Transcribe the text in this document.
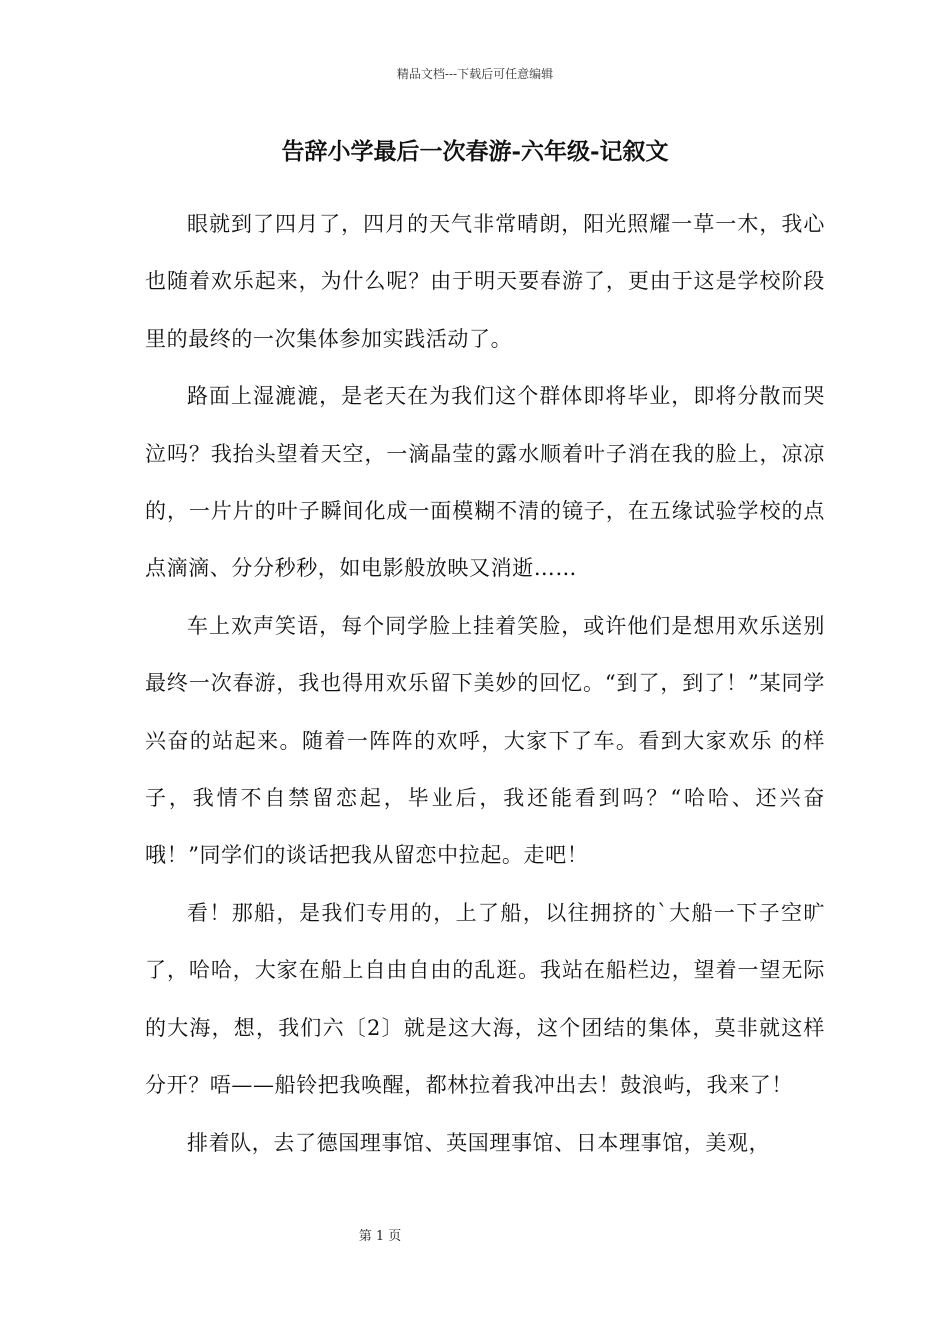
精品文档---下载后可任意编辑
告辞小学最后一次春游-六年级-记叙文

眼就到了四月了，四月的天气非常晴朗，阳光照耀一草一木，我心也随着欢乐起来，为什么呢？由于明天要春游了，更由于这是学校阶段里的最终的一次集体参加实践活动了。

路面上湿漉漉，是老天在为我们这个群体即将毕业，即将分散而哭泣吗？我抬头望着天空，一滴晶莹的露水顺着叶子消在我的脸上，凉凉的，一片片的叶子瞬间化成一面模糊不清的镜子，在五缘试验学校的点点滴滴、分分秒秒，如电影般放映又消逝……

车上欢声笑语，每个同学脸上挂着笑脸，或许他们是想用欢乐送别最终一次春游，我也得用欢乐留下美妙的回忆。“到了，到了！”某同学兴奋的站起来。随着一阵阵的欢呼，大家下了车。看到大家欢乐 的样子，我情不自禁留恋起，毕业后，我还能看到吗？“哈哈、还兴奋哦！”同学们的谈话把我从留恋中拉起。走吧！

看！那船，是我们专用的，上了船，以往拥挤的`大船一下子空旷了，哈哈，大家在船上自由自由的乱逛。我站在船栏边，望着一望无际的大海，想，我们六〔2〕就是这大海，这个团结的集体，莫非就这样分开？唔——船铃把我唤醒，都林拉着我冲出去！鼓浪屿，我来了！

排着队，去了德国理事馆、英国理事馆、日本理事馆，美观，

第 1 页
